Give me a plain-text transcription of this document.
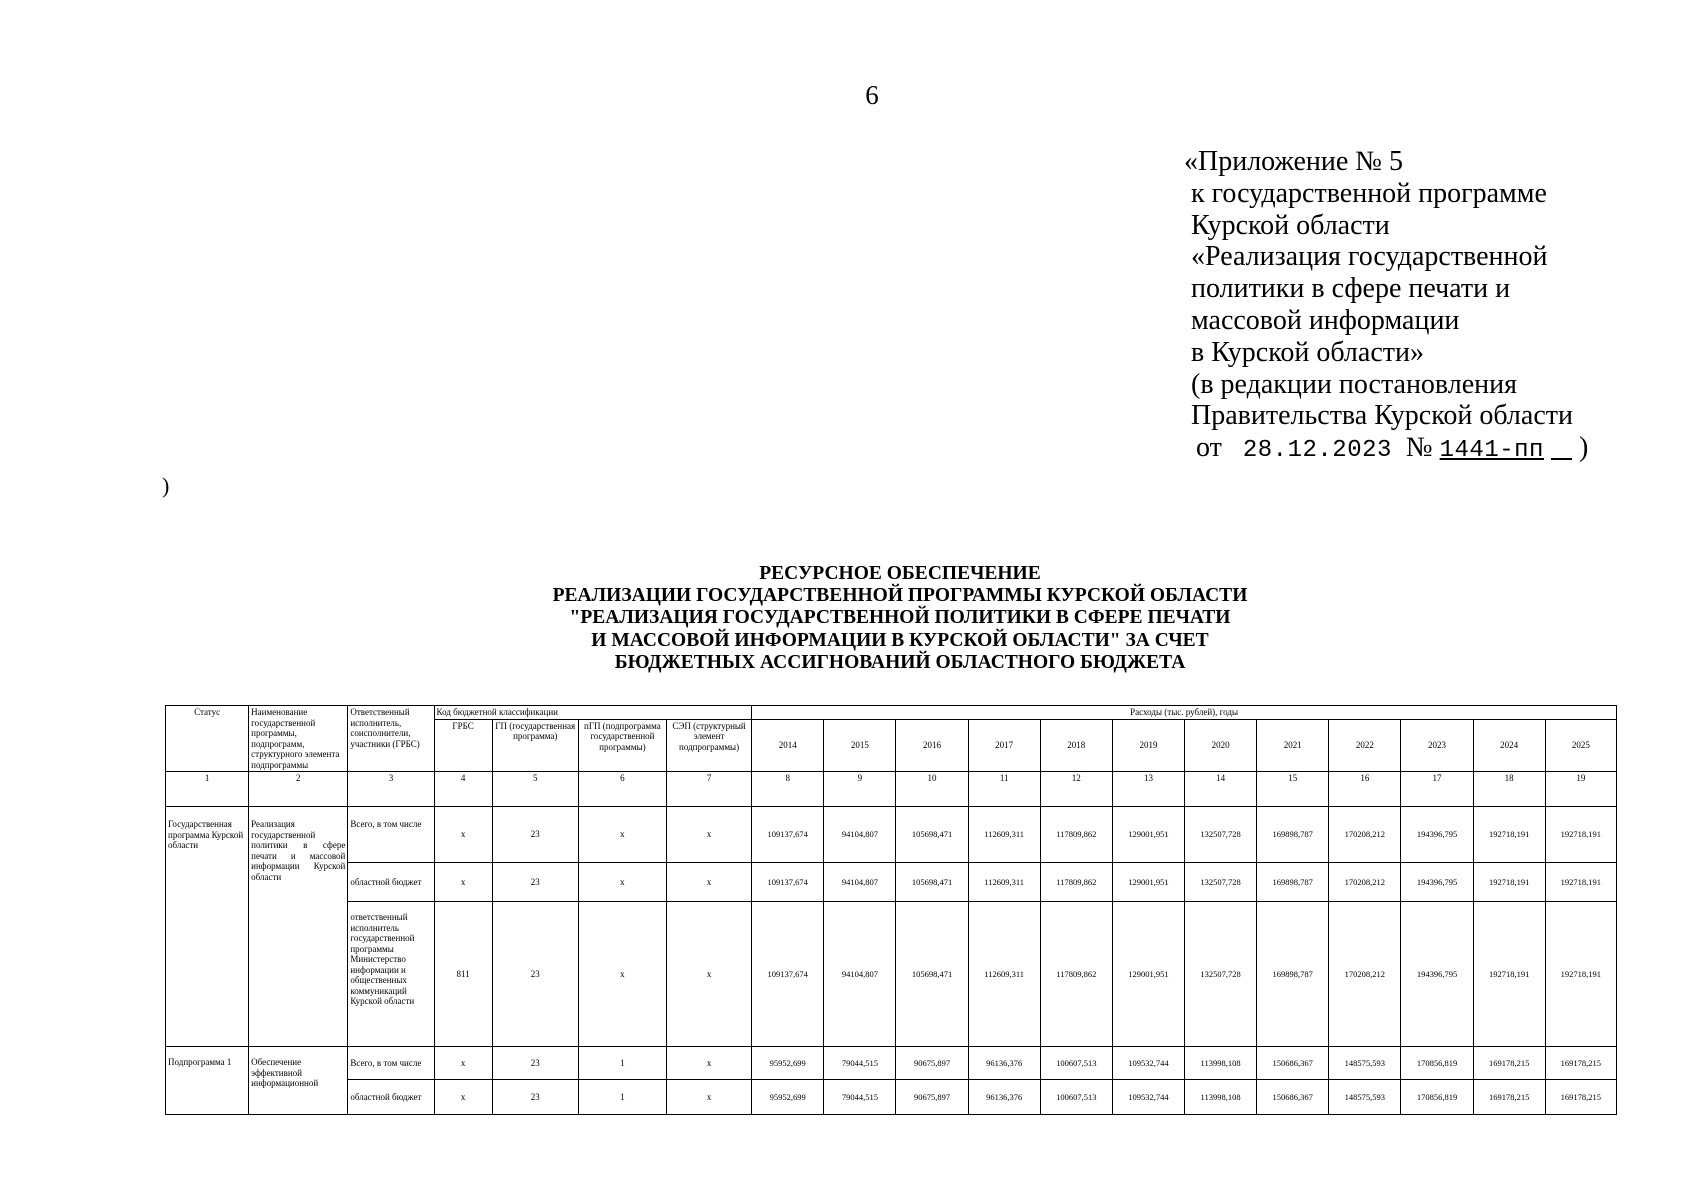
6
«Приложение № 5
к государственной программе
Курской области
«Реализация государственной
политики в сфере печати и
массовой информации
в Курской области»
(в редакции постановления
Правительства Курской области
от 28.12.2023 № 1441-пп )
)
РЕСУРСНОЕ ОБЕСПЕЧЕНИЕ
РЕАЛИЗАЦИИ ГОСУДАРСТВЕННОЙ ПРОГРАММЫ КУРСКОЙ ОБЛАСТИ
"РЕАЛИЗАЦИЯ ГОСУДАРСТВЕННОЙ ПОЛИТИКИ В СФЕРЕ ПЕЧАТИ
И МАССОВОЙ ИНФОРМАЦИИ В КУРСКОЙ ОБЛАСТИ" ЗА СЧЕТ
БЮДЖЕТНЫХ АССИГНОВАНИЙ ОБЛАСТНОГО БЮДЖЕТА
Статус	Наименование государственной программы, подпрограмм, структурного элемента подпрограммы	Ответственный исполнитель, соисполнители, участники (ГРБС)	Код бюджетной классификации				Расходы (тыс. рублей), годы											
			ГРБС	ГП (государственная программа)	пГП (подпрограмма государственной программы)	СЭП (структурный элемент подпрограммы)	2014	2015	2016	2017	2018	2019	2020	2021	2022	2023	2024	2025
1	2	3	4	5	6	7	8	9	10	11	12	13	14	15	16	17	18	19
Государственная программа Курской области	Реализация государственной политики в сфере печати и массовой информации Курской области	Всего, в том числе	x	23	x	x	109137,674	94104,807	105698,471	112609,311	117809,862	129001,951	132507,728	169898,787	170208,212	194396,795	192718,191	192718,191
		областной бюджет	x	23	x	x	109137,674	94104,807	105698,471	112609,311	117809,862	129001,951	132507,728	169898,787	170208,212	194396,795	192718,191	192718,191
		ответственный исполнитель государственной программы Министерство информации и общественных коммуникаций Курской области	811	23	x	x	109137,674	94104,807	105698,471	112609,311	117809,862	129001,951	132507,728	169898,787	170208,212	194396,795	192718,191	192718,191
Подпрограмма 1	Обеспечение эффективной информационной	Всего, в том числе	x	23	1	x	95952,699	79044,515	90675,897	96136,376	100607,513	109532,744	113998,108	150686,367	148575,593	170856,819	169178,215	169178,215
		областной бюджет	x	23	1	x	95952,699	79044,515	90675,897	96136,376	100607,513	109532,744	113998,108	150686,367	148575,593	170856,819	169178,215	169178,215
